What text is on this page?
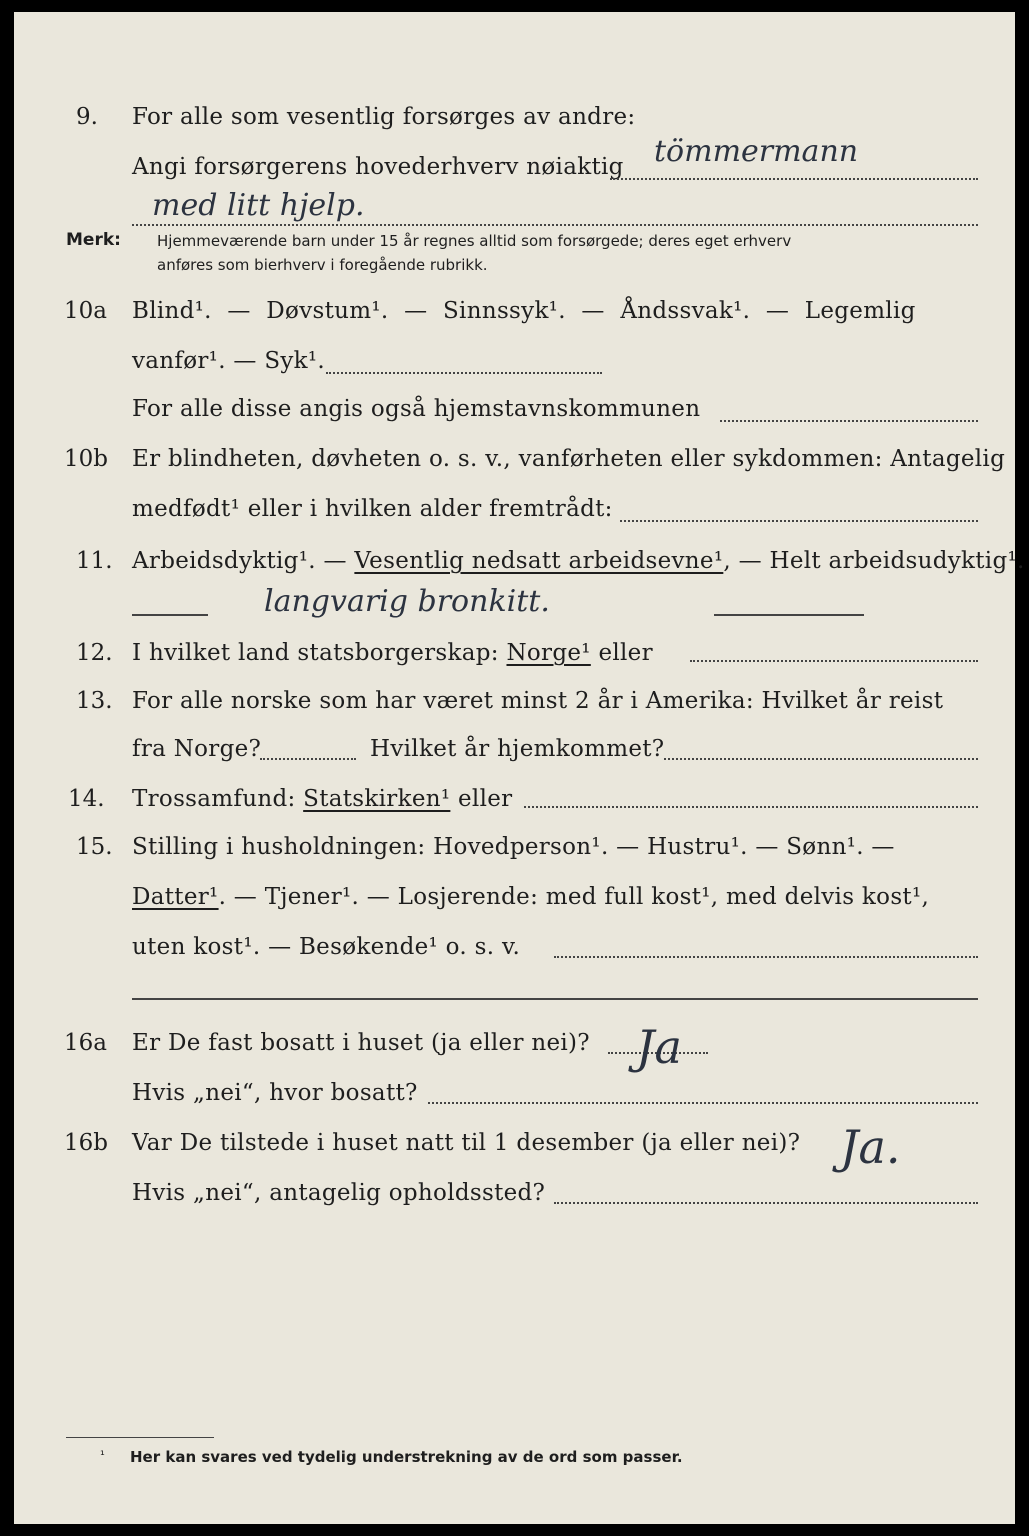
9. For alle som vesentlig forsørges av andre:
Angi forsørgerens hovederhverv nøiaktig tömmermann
med litt hjelp.
Merk: Hjemmeværende barn under 15 år regnes alltid som forsørgede; deres eget erhverv
anføres som bierhverv i foregående rubrikk.
10a Blind¹. — Døvstum¹. — Sinnssyk¹. — Åndssvak¹. — Legemlig
vanfør¹. — Syk¹.
For alle disse angis også hjemstavnskommunen
10b Er blindheten, døvheten o. s. v., vanførheten eller sykdommen: Antagelig
medfødt¹ eller i hvilken alder fremtrådt:
11. Arbeidsdyktig¹. — Vesentlig nedsatt arbeidsevne¹, — Helt arbeidsudyktig¹.
langvarig bronkitt.
12. I hvilket land statsborgerskap: Norge¹ eller
13. For alle norske som har været minst 2 år i Amerika: Hvilket år reist
fra Norge?	Hvilket år hjemkommet?
14. Trossamfund: Statskirken¹ eller
15. Stilling i husholdningen: Hovedperson¹. — Hustru¹. — Sønn¹. —
Datter¹. — Tjener¹. — Losjerende: med full kost¹, med delvis kost¹,
uten kost¹. — Besøkende¹ o. s. v.
16a Er De fast bosatt i huset (ja eller nei)? Ja
Hvis „nei“, hvor bosatt?
16b Var De tilstede i huset natt til 1 desember (ja eller nei)? Ja.
Hvis „nei“, antagelig opholdssted?
¹ Her kan svares ved tydelig understrekning av de ord som passer.
